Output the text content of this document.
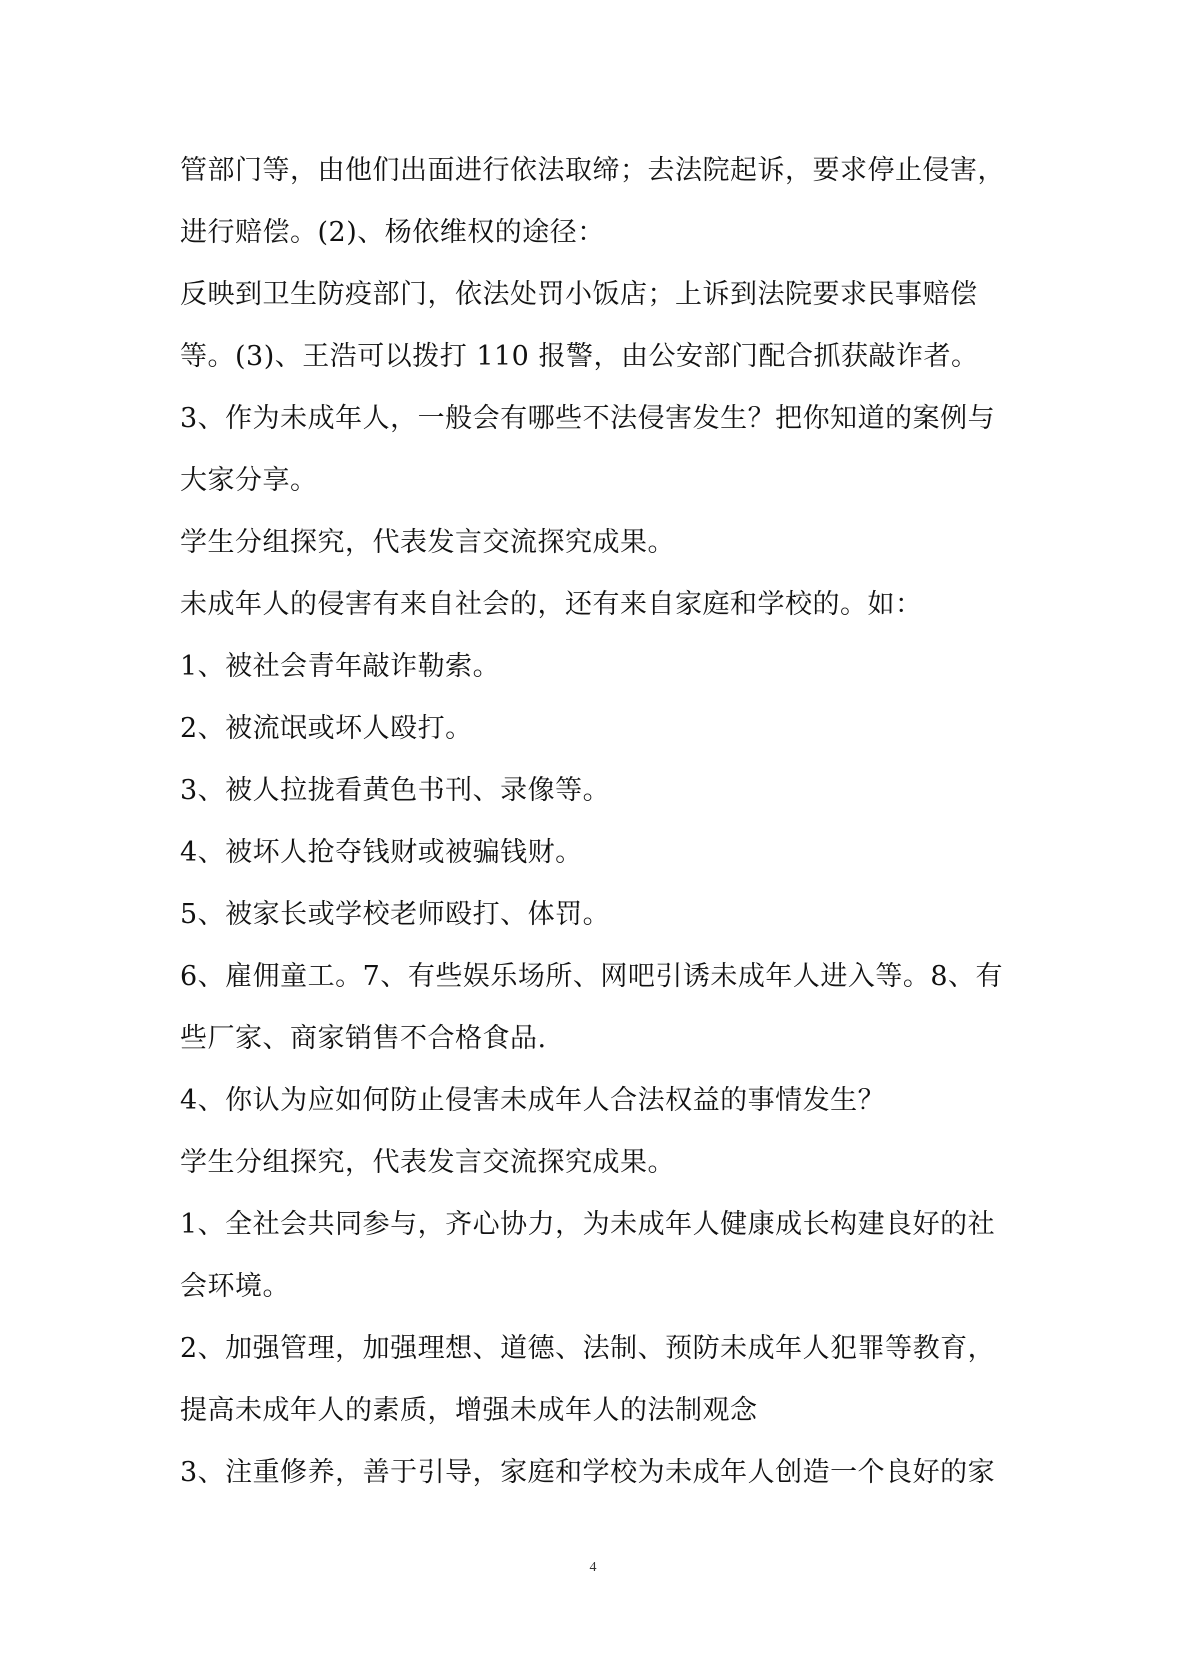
管部门等，由他们出面进行依法取缔；去法院起诉，要求停止侵害，
进行赔偿。(2)、杨依维权的途径：
反映到卫生防疫部门，依法处罚小饭店；上诉到法院要求民事赔偿
等。(3)、王浩可以拨打 110 报警，由公安部门配合抓获敲诈者。
3、作为未成年人，一般会有哪些不法侵害发生？把你知道的案例与
大家分享。
学生分组探究，代表发言交流探究成果。
未成年人的侵害有来自社会的，还有来自家庭和学校的。如：
1、被社会青年敲诈勒索。
2、被流氓或坏人殴打。
3、被人拉拢看黄色书刊、录像等。
4、被坏人抢夺钱财或被骗钱财。
5、被家长或学校老师殴打、体罚。
6、雇佣童工。7、有些娱乐场所、网吧引诱未成年人进入等。8、有
些厂家、商家销售不合格食品.
4、你认为应如何防止侵害未成年人合法权益的事情发生？
学生分组探究，代表发言交流探究成果。
1、全社会共同参与，齐心协力，为未成年人健康成长构建良好的社
会环境。
2、加强管理，加强理想、道德、法制、预防未成年人犯罪等教育，
提高未成年人的素质，增强未成年人的法制观念
3、注重修养，善于引导，家庭和学校为未成年人创造一个良好的家
4
